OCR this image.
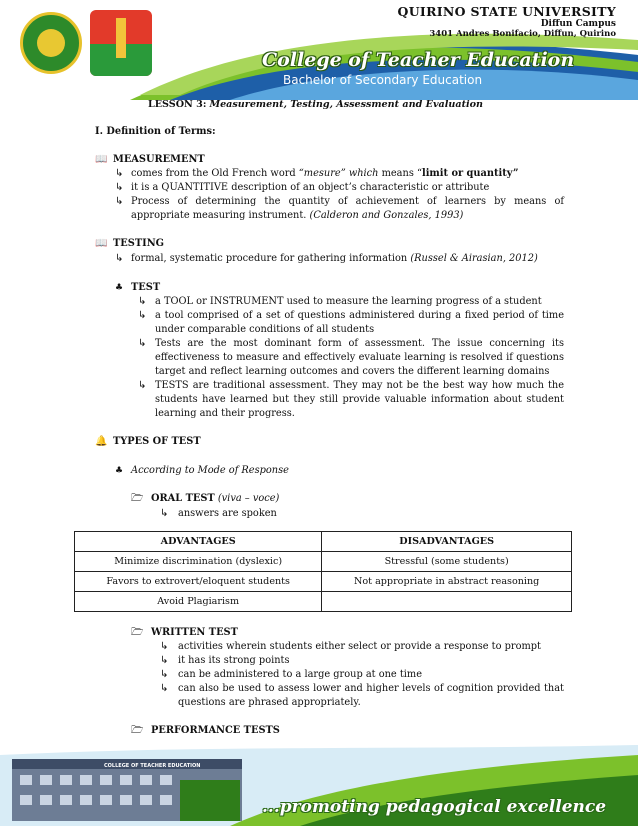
QUIRINO STATE UNIVERSITY
Diffun Campus
3401 Andres Bonifacio, Diffun, Quirino
College of Teacher Education
Bachelor of Secondary Education
LESSON 3: Measurement, Testing, Assessment and Evaluation
I. Definition of Terms:
📖 MEASUREMENT
↳ comes from the Old French word “mesure” which means “limit or quantity”
↳ it is a QUANTITIVE description of an object’s characteristic or attribute
↳ Process of determining the quantity of achievement of learners by means of appropriate measuring instrument. (Calderon and Gonzales, 1993)
📖 TESTING
↳ formal, systematic procedure for gathering information (Russel & Airasian, 2012)
♣ TEST
↳ a TOOL or INSTRUMENT used to measure the learning progress of a student
↳ a tool comprised of a set of questions administered during a fixed period of time under comparable conditions of all students
↳ Tests are the most dominant form of assessment. The issue concerning its effectiveness to measure and effectively evaluate learning is resolved if questions target and reflect learning outcomes and covers the different learning domains
↳ TESTS are traditional assessment. They may not be the best way how much the students have learned but they still provide valuable information about student learning and their progress.
🔔 TYPES OF TEST
♣ According to Mode of Response
🗁 ORAL TEST (viva – voce)
↳ answers are spoken
ADVANTAGES	DISADVANTAGES
Minimize discrimination (dyslexic)	Stressful (some students)
Favors to extrovert/eloquent students	Not appropriate in abstract reasoning
Avoid Plagiarism	
🗁 WRITTEN TEST
↳ activities wherein students either select or provide a response to prompt
↳ it has its strong points
↳ can be administered to a large group at one time
↳ can also be used to assess lower and higher levels of cognition provided that questions are phrased appropriately.
🗁 PERFORMANCE TESTS
COLLEGE OF TEACHER EDUCATION
...promoting pedagogical excellence
